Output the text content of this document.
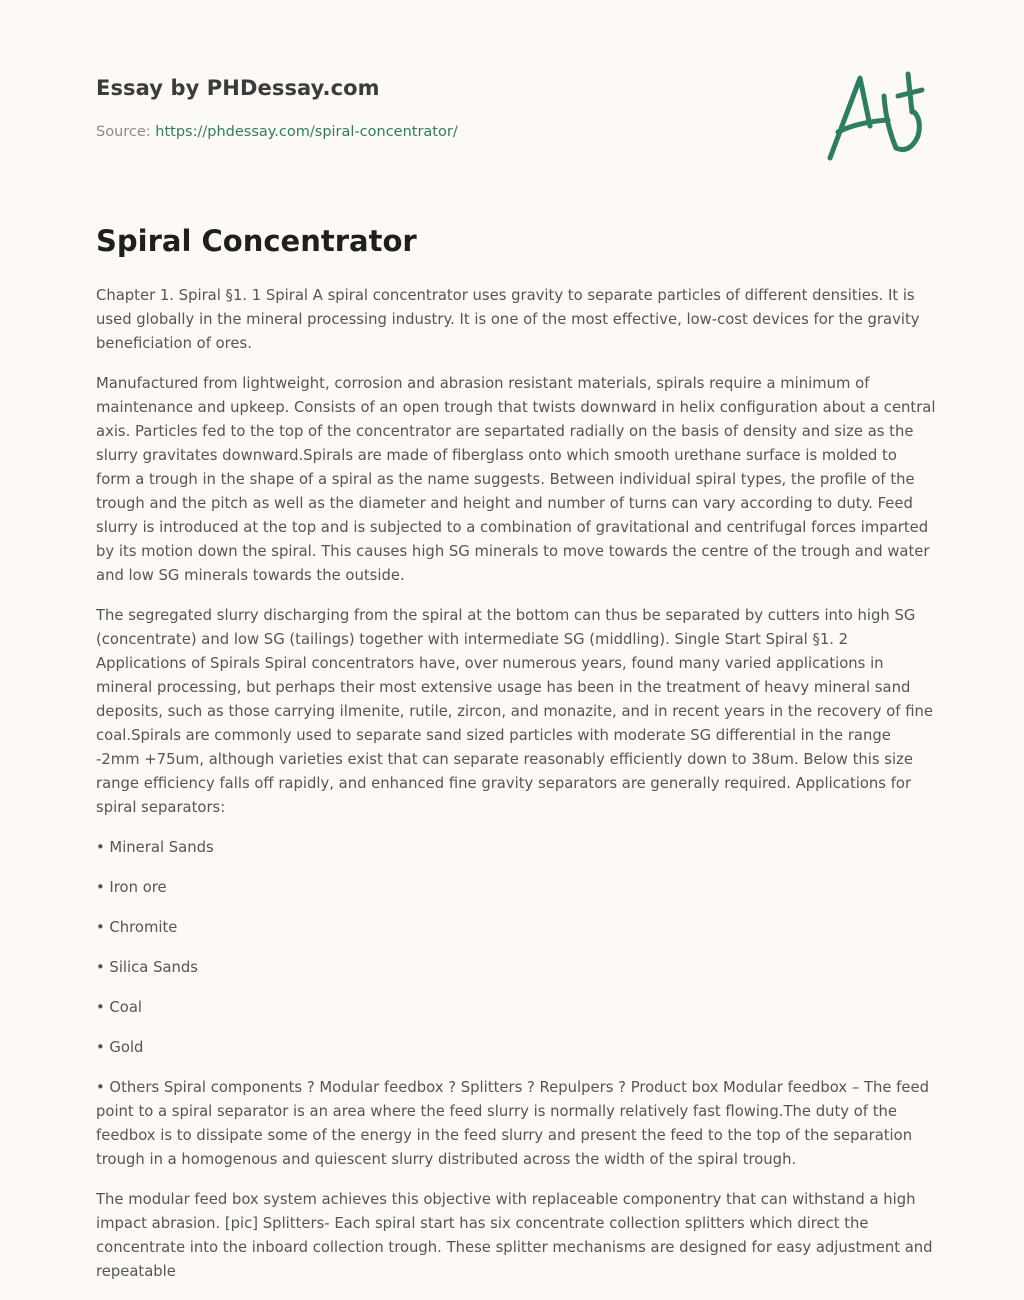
Essay by PHDessay.com
Source: https://phdessay.com/spiral-concentrator/
Spiral Concentrator

Chapter 1. Spiral §1. 1 Spiral A spiral concentrator uses gravity to separate particles of different densities. It is used globally in the mineral processing industry. It is one of the most effective, low-cost devices for the gravity beneficiation of ores.

Manufactured from lightweight, corrosion and abrasion resistant materials, spirals require a minimum of maintenance and upkeep. Consists of an open trough that twists downward in helix configuration about a central axis. Particles fed to the top of the concentrator are separtated radially on the basis of density and size as the slurry gravitates downward.Spirals are made of fiberglass onto which smooth urethane surface is molded to form a trough in the shape of a spiral as the name suggests. Between individual spiral types, the profile of the trough and the pitch as well as the diameter and height and number of turns can vary according to duty. Feed slurry is introduced at the top and is subjected to a combination of gravitational and centrifugal forces imparted by its motion down the spiral. This causes high SG minerals to move towards the centre of the trough and water and low SG minerals towards the outside.

The segregated slurry discharging from the spiral at the bottom can thus be separated by cutters into high SG (concentrate) and low SG (tailings) together with intermediate SG (middling). Single Start Spiral §1. 2 Applications of Spirals Spiral concentrators have, over numerous years, found many varied applications in mineral processing, but perhaps their most extensive usage has been in the treatment of heavy mineral sand deposits, such as those carrying ilmenite, rutile, zircon, and monazite, and in recent years in the recovery of fine coal.Spirals are commonly used to separate sand sized particles with moderate SG differential in the range -2mm +75um, although varieties exist that can separate reasonably efficiently down to 38um. Below this size range efficiency falls off rapidly, and enhanced fine gravity separators are generally required. Applications for spiral separators:

• Mineral Sands

• Iron ore

• Chromite

• Silica Sands

• Coal

• Gold

• Others Spiral components ? Modular feedbox ? Splitters ? Repulpers ? Product box Modular feedbox – The feed point to a spiral separator is an area where the feed slurry is normally relatively fast flowing.The duty of the feedbox is to dissipate some of the energy in the feed slurry and present the feed to the top of the separation trough in a homogenous and quiescent slurry distributed across the width of the spiral trough.

The modular feed box system achieves this objective with replaceable componentry that can withstand a high impact abrasion. [pic] Splitters- Each spiral start has six concentrate collection splitters which direct the concentrate into the inboard collection trough. These splitter mechanisms are designed for easy adjustment and repeatable
